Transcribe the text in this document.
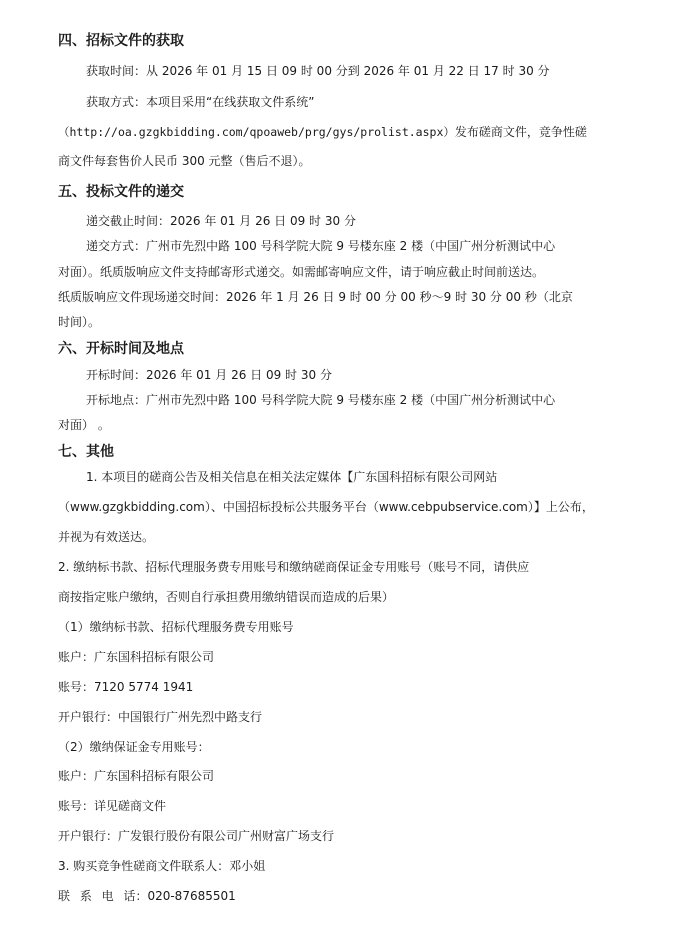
四、招标文件的获取
获取时间：从 2026 年 01 月 15 日 09 时 00 分到 2026 年 01 月 22 日 17 时 30 分
获取方式：本项目采用“在线获取文件系统”
（http://oa.gzgkbidding.com/qpoaweb/prg/gys/prolist.aspx）发布磋商文件，竞争性磋
商文件每套售价人民币 300 元整（售后不退）。
五、投标文件的递交
递交截止时间：2026 年 01 月 26 日 09 时 30 分
递交方式：广州市先烈中路 100 号科学院大院 9 号楼东座 2 楼（中国广州分析测试中心
对面）。纸质版响应文件支持邮寄形式递交。如需邮寄响应文件，请于响应截止时间前送达。
纸质版响应文件现场递交时间：2026 年 1 月 26 日 9 时 00 分 00 秒～9 时 30 分 00 秒（北京
时间）。
六、开标时间及地点
开标时间：2026 年 01 月 26 日 09 时 30 分
开标地点：广州市先烈中路 100 号科学院大院 9 号楼东座 2 楼（中国广州分析测试中心
对面） 。
七、其他
1. 本项目的磋商公告及相关信息在相关法定媒体【广东国科招标有限公司网站
（www.gzgkbidding.com）、中国招标投标公共服务平台（www.cebpubservice.com）】上公布，
并视为有效送达。
2. 缴纳标书款、招标代理服务费专用账号和缴纳磋商保证金专用账号（账号不同，请供应
商按指定账户缴纳，否则自行承担费用缴纳错误而造成的后果）
（1）缴纳标书款、招标代理服务费专用账号
账户：广东国科招标有限公司
账号：7120 5774 1941
开户银行：中国银行广州先烈中路支行
（2）缴纳保证金专用账号：
账户：广东国科招标有限公司
账号：详见磋商文件
开户银行：广发银行股份有限公司广州财富广场支行
3. 购买竞争性磋商文件联系人：邓小姐
联 系 电 话：020-87685501
